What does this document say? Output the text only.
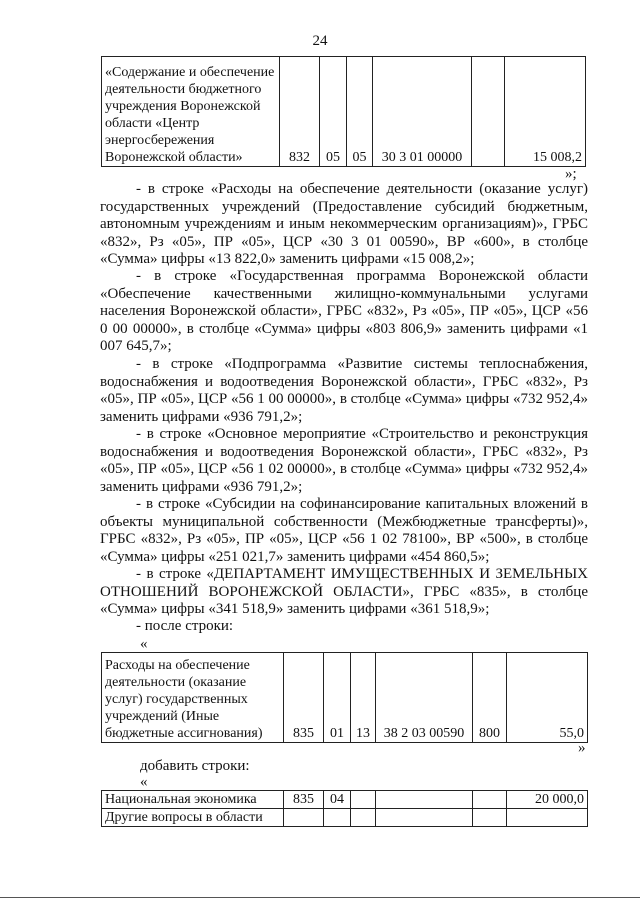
24
«Содержание и обеспечение деятельности бюджетного учреждения Воронежской области «Центр энергосбережения Воронежской области»	832	05	05	30 3 01 00000		15 008,2
»;
- в строке «Расходы на обеспечение деятельности (оказание услуг) государственных учреждений (Предоставление субсидий бюджетным, автономным учреждениям и иным некоммерческим организациям)», ГРБС «832», Рз «05», ПР «05», ЦСР «30 3 01 00590», ВР «600», в столбце «Сумма» цифры «13 822,0» заменить цифрами «15 008,2»;
- в строке «Государственная программа Воронежской области «Обеспечение качественными жилищно-коммунальными услугами населения Воронежской области», ГРБС «832», Рз «05», ПР «05», ЦСР «56 0 00 00000», в столбце «Сумма» цифры «803 806,9» заменить цифрами «1 007 645,7»;
- в строке «Подпрограмма «Развитие системы теплоснабжения, водоснабжения и водоотведения Воронежской области», ГРБС «832», Рз «05», ПР «05», ЦСР «56 1 00 00000», в столбце «Сумма» цифры «732 952,4» заменить цифрами «936 791,2»;
- в строке «Основное мероприятие «Строительство и реконструкция водоснабжения и водоотведения Воронежской области», ГРБС «832», Рз «05», ПР «05», ЦСР «56 1 02 00000», в столбце «Сумма» цифры «732 952,4» заменить цифрами «936 791,2»;
- в строке «Субсидии на софинансирование капитальных вложений в объекты муниципальной собственности (Межбюджетные трансферты)», ГРБС «832», Рз «05», ПР «05», ЦСР «56 1 02 78100», ВР «500», в столбце «Сумма» цифры «251 021,7» заменить цифрами «454 860,5»;
- в строке «ДЕПАРТАМЕНТ ИМУЩЕСТВЕННЫХ И ЗЕМЕЛЬНЫХ ОТНОШЕНИЙ ВОРОНЕЖСКОЙ ОБЛАСТИ», ГРБС «835», в столбце «Сумма» цифры «341 518,9» заменить цифрами «361 518,9»;
- после строки:
«
Расходы на обеспечение деятельности (оказание услуг) государственных учреждений (Иные бюджетные ассигнования)	835	01	13	38 2 03 00590	800	55,0
»
добавить строки:
«
Национальная экономика	835	04				20 000,0
Другие вопросы в области						
